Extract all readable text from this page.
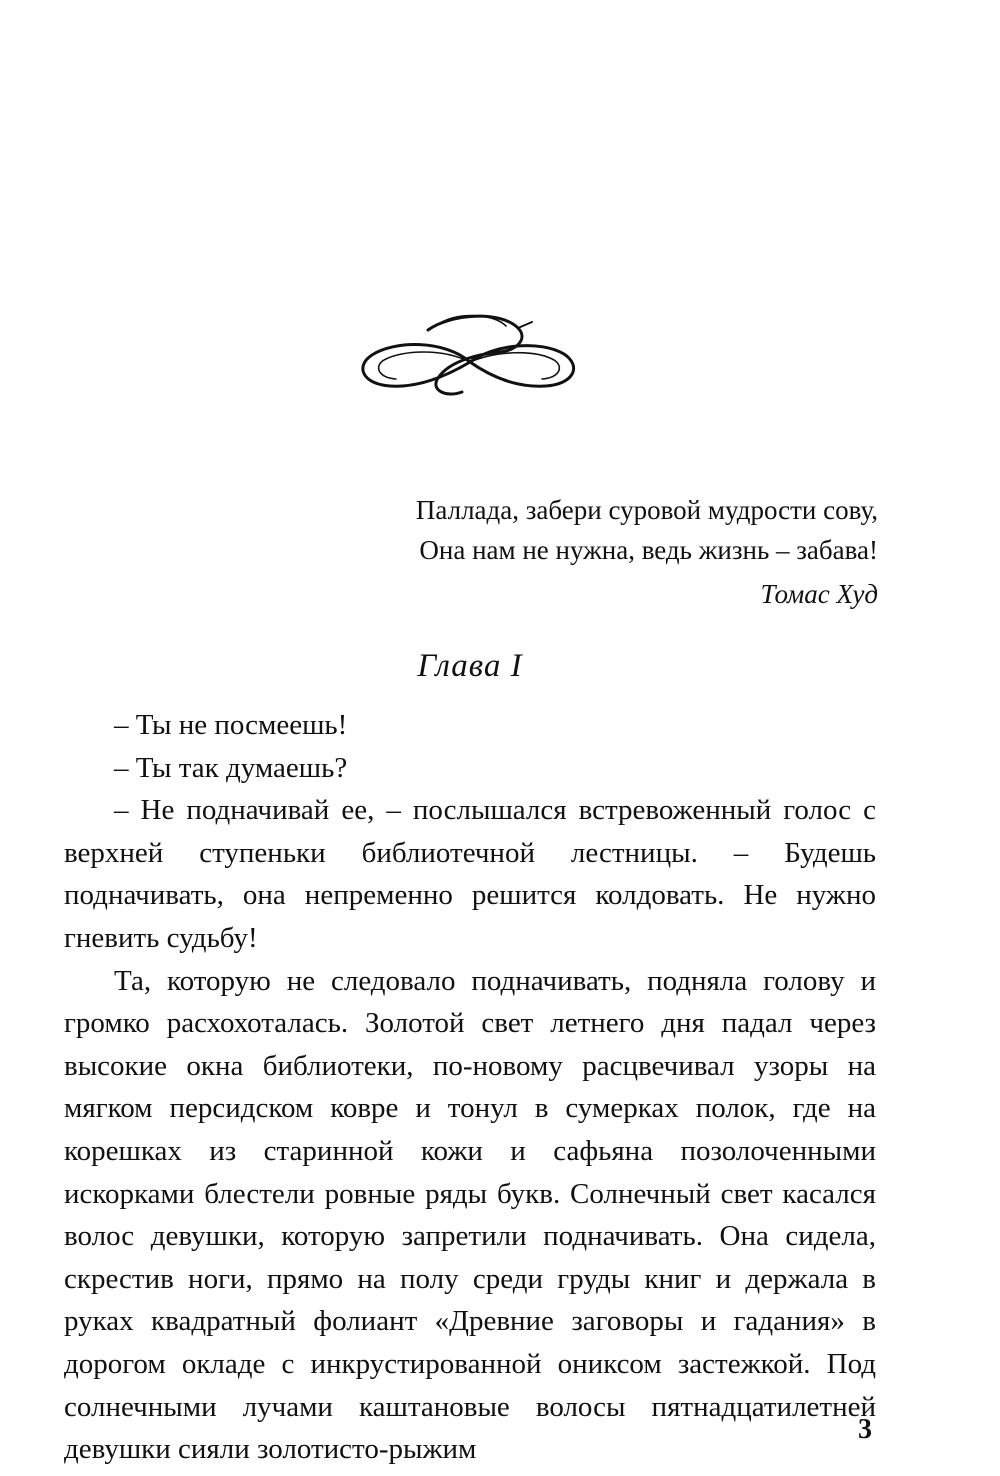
Паллада, забери суровой мудрости сову,
Она нам не нужна, ведь жизнь – забава!
Томас Худ
Глава I

– Ты не посмеешь!

– Ты так думаешь?

– Не подначивай ее, – послышался встревоженный голос с верхней ступеньки библиотечной лестницы. – Будешь подначивать, она непременно решится колдовать. Не нужно гневить судьбу!

Та, которую не следовало подначивать, подняла голову и громко расхохоталась. Золотой свет летнего дня падал через высокие окна библиотеки, по-новому расцвечивал узоры на мягком персидском ковре и тонул в сумерках полок, где на корешках из старинной кожи и сафьяна позолоченными искорками блестели ровные ряды букв. Солнечный свет касался волос девушки, которую запретили подначивать. Она сидела, скрестив ноги, прямо на полу среди груды книг и держала в руках квадратный фолиант «Древние заговоры и гадания» в дорогом окладе с инкрустированной ониксом застежкой. Под солнечными лучами каштановые волосы пятнадцатилетней девушки сияли золотисто-рыжим

3
